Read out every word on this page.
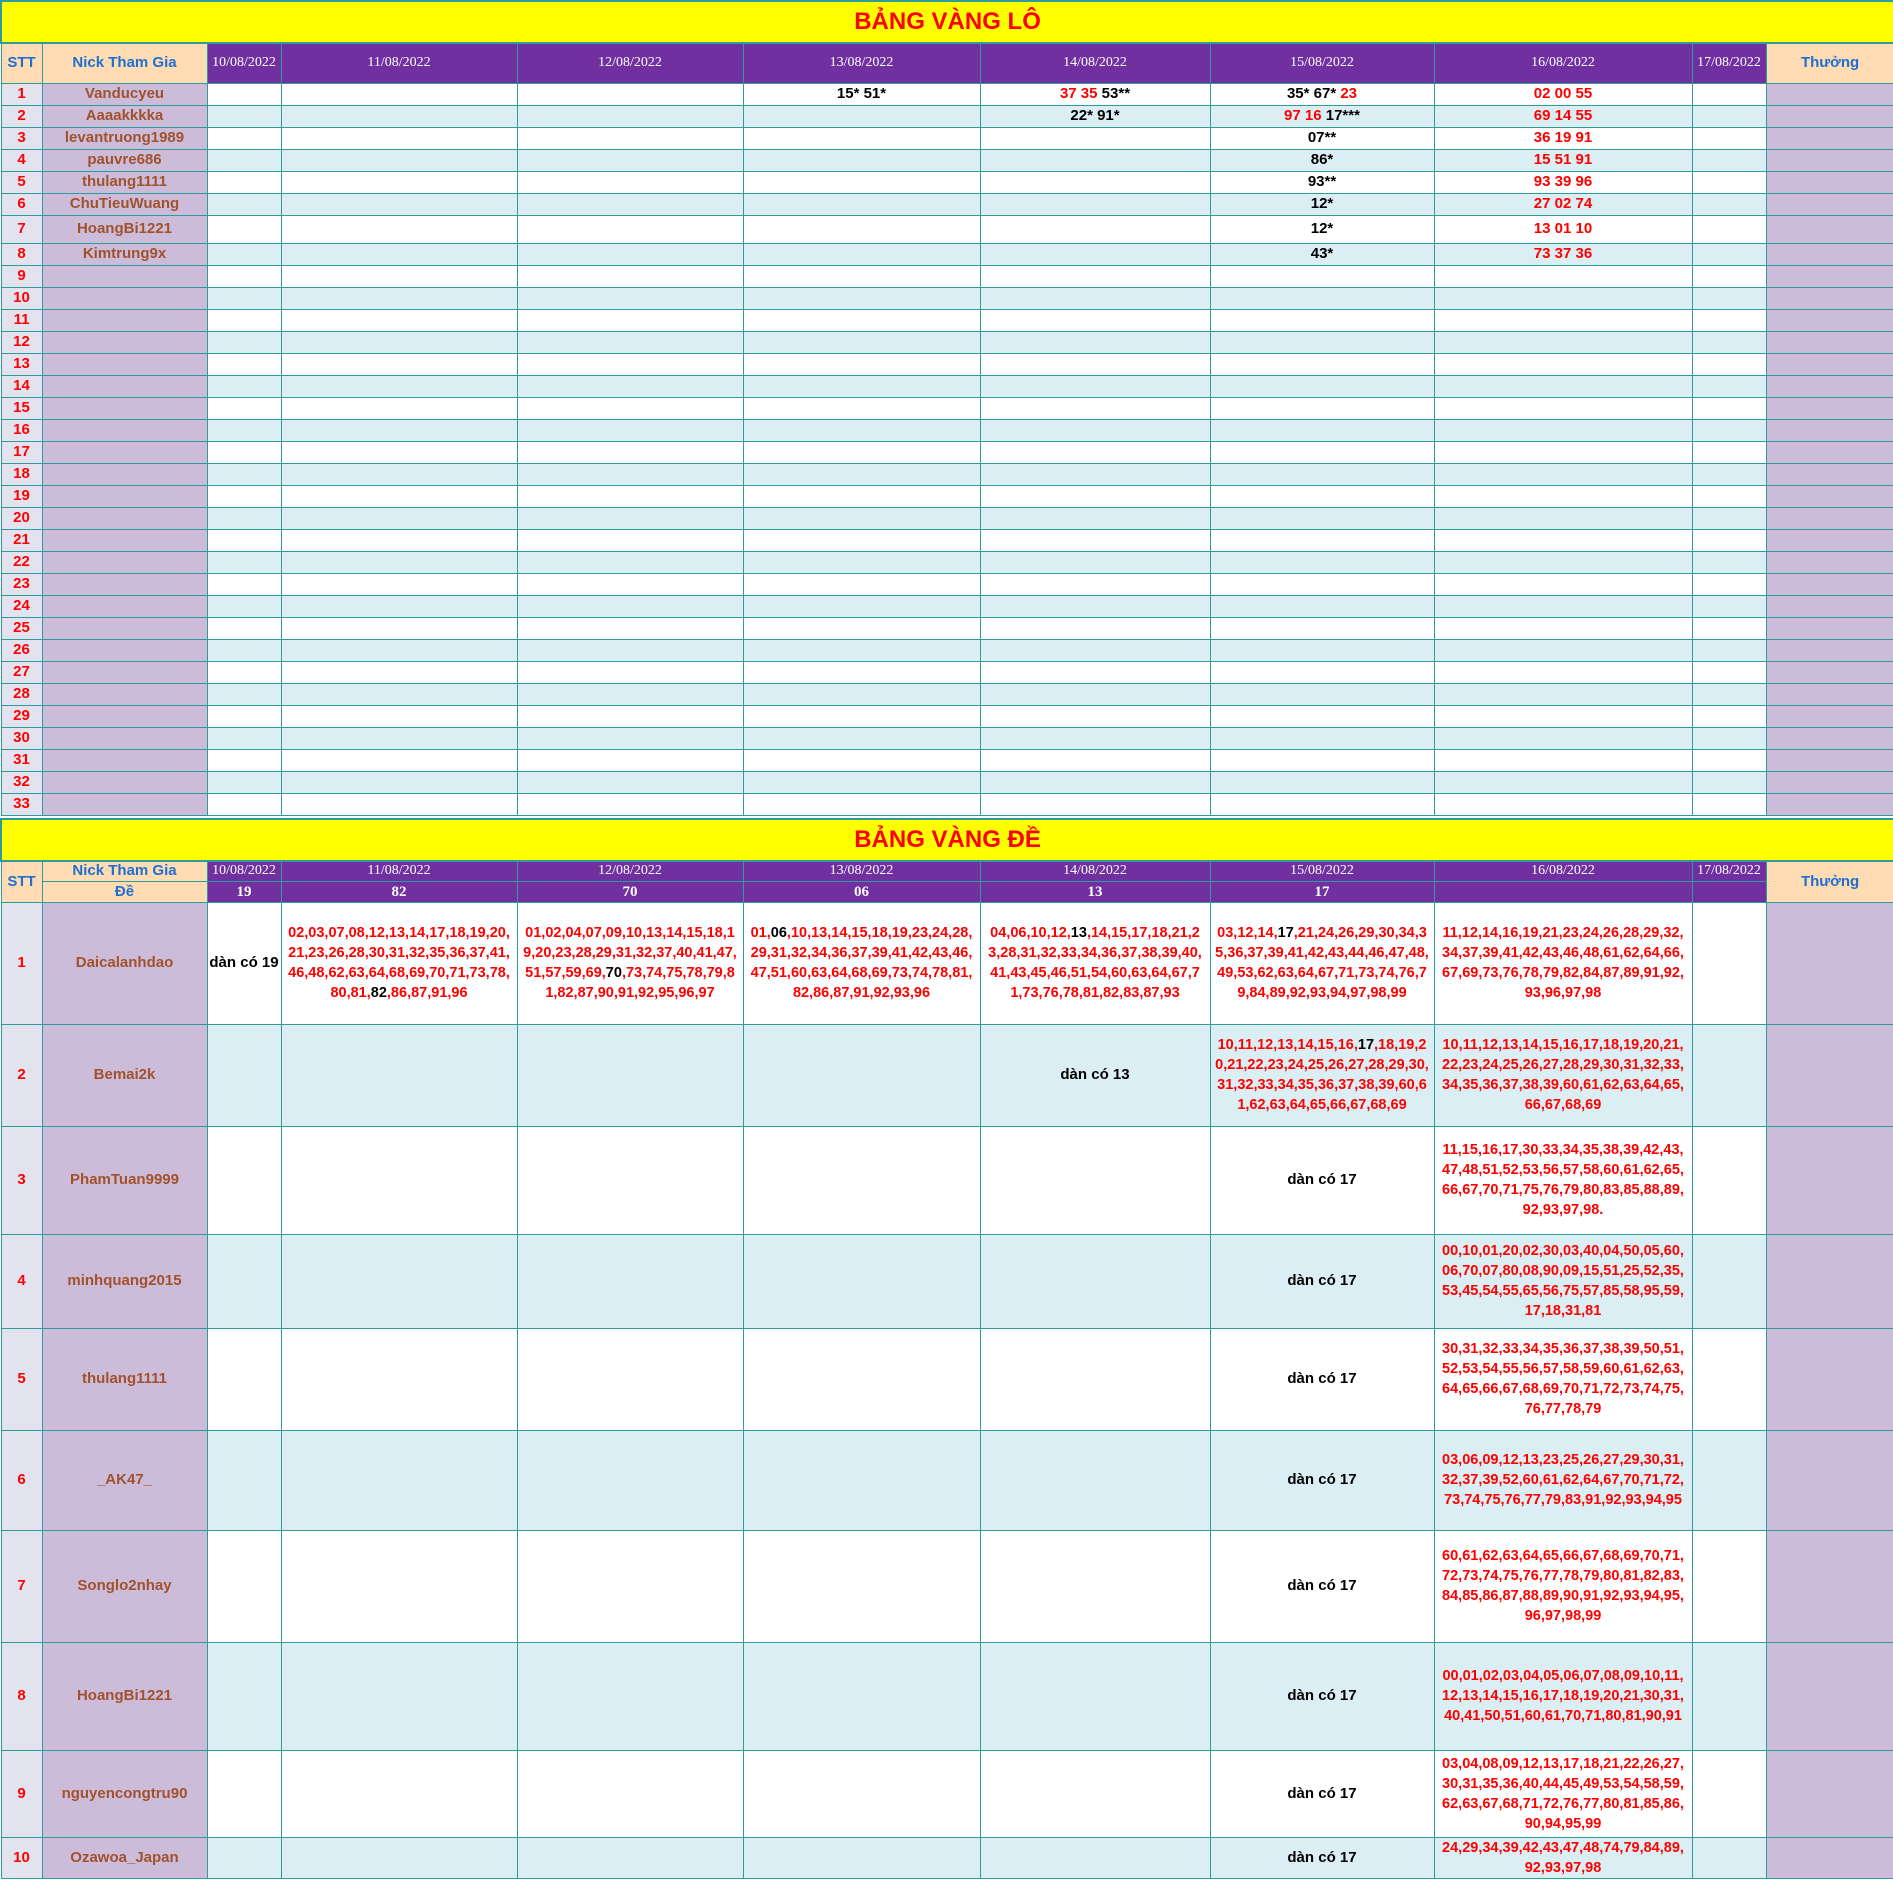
BẢNG VÀNG LÔ										
STT	Nick Tham Gia	10/08/2022	11/08/2022	12/08/2022	13/08/2022	14/08/2022	15/08/2022	16/08/2022	17/08/2022	Thưởng
1	Vanducyeu				15* 51*	37 35 53**	35* 67* 23	02 00 55		
2	Aaaakkkka					22* 91*	97 16 17***	69 14 55		
3	levantruong1989						07**	36 19 91		
4	pauvre686						86*	15 51 91		
5	thulang1111						93**	93 39 96		
6	ChuTieuWuang						12*	27 02 74		
7	HoangBi1221						12*	13 01 10		
8	Kimtrung9x						43*	73 37 36		
9										
10										
11										
12										
13										
14										
15										
16										
17										
18										
19										
20										
21										
22										
23										
24										
25										
26										
27										
28										
29										
30										
31										
32										
33										
BẢNG VÀNG ĐỀ										
STT	Nick Tham Gia	10/08/2022	11/08/2022	12/08/2022	13/08/2022	14/08/2022	15/08/2022	16/08/2022	17/08/2022	Thưởng
	Đề	19	82	70	06	13	17			
1	Daicalanhdao	dàn có 19	02,03,07,08,12,13,14,17,18,19,20,21,23,26,28,30,31,32,35,36,37,41,46,48,62,63,64,68,69,70,71,73,78,80,81,82,86,87,91,96	01,02,04,07,09,10,13,14,15,18,19,20,23,28,29,31,32,37,40,41,47,51,57,59,69,70,73,74,75,78,79,81,82,87,90,91,92,95,96,97	01,06,10,13,14,15,18,19,23,24,28,29,31,32,34,36,37,39,41,42,43,46,47,51,60,63,64,68,69,73,74,78,81,82,86,87,91,92,93,96	04,06,10,12,13,14,15,17,18,21,23,28,31,32,33,34,36,37,38,39,40,41,43,45,46,51,54,60,63,64,67,71,73,76,78,81,82,83,87,93	03,12,14,17,21,24,26,29,30,34,35,36,37,39,41,42,43,44,46,47,48,49,53,62,63,64,67,71,73,74,76,79,84,89,92,93,94,97,98,99	11,12,14,16,19,21,23,24,26,28,29,32,34,37,39,41,42,43,46,48,61,62,64,66,67,69,73,76,78,79,82,84,87,89,91,92,93,96,97,98		
2	Bemai2k					dàn có 13	10,11,12,13,14,15,16,17,18,19,20,21,22,23,24,25,26,27,28,29,30,31,32,33,34,35,36,37,38,39,60,61,62,63,64,65,66,67,68,69	10,11,12,13,14,15,16,17,18,19,20,21,22,23,24,25,26,27,28,29,30,31,32,33,34,35,36,37,38,39,60,61,62,63,64,65,66,67,68,69		
3	PhamTuan9999						dàn có 17	11,15,16,17,30,33,34,35,38,39,42,43,47,48,51,52,53,56,57,58,60,61,62,65,66,67,70,71,75,76,79,80,83,85,88,89,92,93,97,98.		
4	minhquang2015						dàn có 17	00,10,01,20,02,30,03,40,04,50,05,60,06,70,07,80,08,90,09,15,51,25,52,35,53,45,54,55,65,56,75,57,85,58,95,59,17,18,31,81		
5	thulang1111						dàn có 17	30,31,32,33,34,35,36,37,38,39,50,51,52,53,54,55,56,57,58,59,60,61,62,63,64,65,66,67,68,69,70,71,72,73,74,75,76,77,78,79		
6	_AK47_						dàn có 17	03,06,09,12,13,23,25,26,27,29,30,31,32,37,39,52,60,61,62,64,67,70,71,72,73,74,75,76,77,79,83,91,92,93,94,95		
7	Songlo2nhay						dàn có 17	60,61,62,63,64,65,66,67,68,69,70,71,72,73,74,75,76,77,78,79,80,81,82,83,84,85,86,87,88,89,90,91,92,93,94,95,96,97,98,99		
8	HoangBi1221						dàn có 17	00,01,02,03,04,05,06,07,08,09,10,11,12,13,14,15,16,17,18,19,20,21,30,31,40,41,50,51,60,61,70,71,80,81,90,91		
9	nguyencongtru90						dàn có 17	03,04,08,09,12,13,17,18,21,22,26,27,30,31,35,36,40,44,45,49,53,54,58,59,62,63,67,68,71,72,76,77,80,81,85,86,90,94,95,99		
10	Ozawoa_Japan						dàn có 17	24,29,34,39,42,43,47,48,74,79,84,89,92,93,97,98		
